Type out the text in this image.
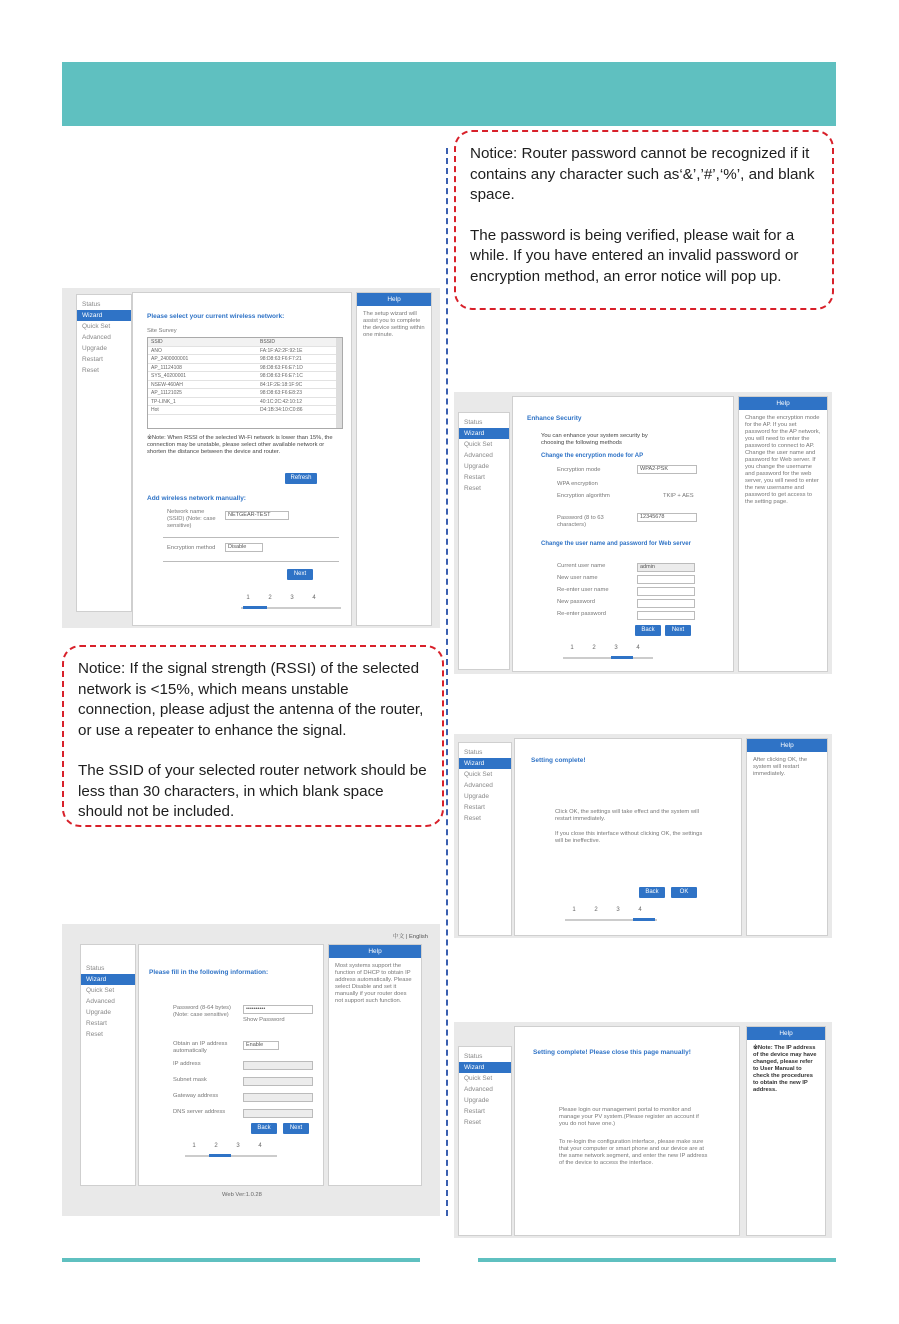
Notice: Router password cannot be recognized if it contains any character such as‘&’,’#’,‘%’, and blank space.

The password is being verified, please wait for a while. If you have entered an invalid password or encryption method, an error notice will pop up.

Notice: If the signal strength (RSSI) of the selected network is <15%, which means unstable connection, please adjust the antenna of the router, or use a repeater to enhance the signal.

The SSID of your selected router network should be less than 30 characters, in which blank space should not be included.

Status
Wizard
Quick Set
Advanced
Upgrade
Restart
Reset
Please select your current wireless network:
Site Survey
SSID	BSSID
ANO	FA:1F:A2:2F:92:1E
AP_2400000001	98:D8:63:F6:F7:21
AP_11124108	98:D8:63:F6:E7:1D
SYS_40200001	98:D8:63:F6:E7:1C
NSEW-460AH	84:1F:2E:18:1F:9C
AP_11121025	98:D8:63:F6:E8:23
TP-LINK_1	40:1C:2C:42:10:12
Hot	D4:1B:34:10:C0:86
※Note: When RSSI of the selected Wi-Fi network is lower than 15%, the connection may be unstable, please select other available network or shorten the distance between the device and router.
Refresh
Add wireless network manually:
Network name (SSID) (Note: case sensitive)
NETGEAR-TEST
Encryption method	Disable
Next
1	2	3	4
Help
The setup wizard will assist you to complete the device setting within one minute.
Status
Wizard
Quick Set
Advanced
Upgrade
Restart
Reset
Enhance Security
You can enhance your system security by choosing the following methods
Change the encryption mode for AP
Encryption mode	WPA2-PSK
WPA encryption
Encryption algorithm	TKIP + AES
Password (8 to 63 characters)
12345678
Change the user name and password for Web server
Current user name	admin
New user name
Re-enter user name
New password
Re-enter password
Back	Next
1	2	3	4
Help
Change the encryption mode for the AP. If you set password for the AP network, you will need to enter the password to connect to AP. Change the user name and password for Web server. If you change the username and password for the web server, you will need to enter the new username and password to get access to the setting page.
Status
Wizard
Quick Set
Advanced
Upgrade
Restart
Reset
Setting complete!
Click OK, the settings will take effect and the system will restart immediately.
If you close this interface without clicking OK, the settings will be ineffective.
Back	OK
1	2	3	4
Help
After clicking OK, the system will restart immediately.
中文 | English
Status
Wizard
Quick Set
Advanced
Upgrade
Restart
Reset
Please fill in the following information:
Password (8-64 bytes) (Note: case sensitive)
••••••••••
Show Password
Obtain an IP address automatically
Enable
IP address
Subnet mask
Gateway address
DNS server address
Back	Next
1	2	3	4
Help
Most systems support the function of DHCP to obtain IP address automatically. Please select Disable and set it manually if your router does not support such function.
Web Ver:1.0.28
Status
Wizard
Quick Set
Advanced
Upgrade
Restart
Reset
Setting complete! Please close this page manually!
Please login our management portal to monitor and manage your PV system.(Please register an account if you do not have one.)
To re-login the configuration interface, please make sure that your computer or smart phone and our device are at the same network segment, and enter the new IP address of the device to access the interface.
Help
※Note: The IP address of the device may have changed, please refer to User Manual to check the procedures to obtain the new IP address.
